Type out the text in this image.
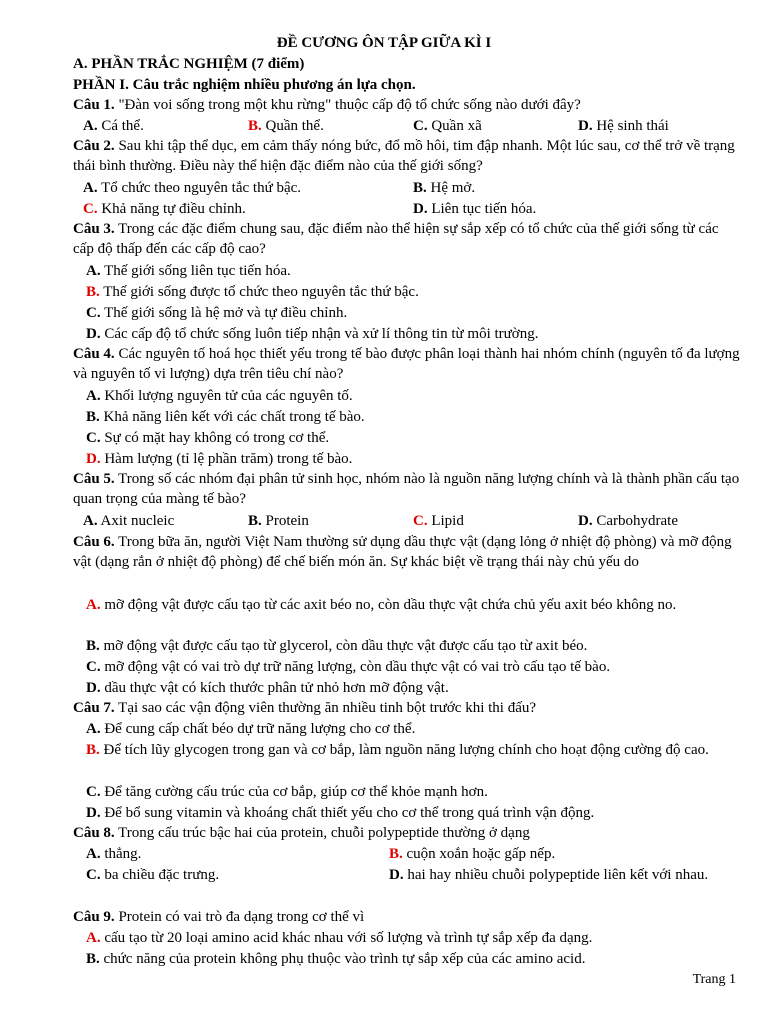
ĐỀ CƯƠNG ÔN TẬP GIỮA KÌ I
A. PHẦN TRẮC NGHIỆM (7 điểm)
PHẦN I. Câu trắc nghiệm nhiều phương án lựa chọn.
Câu 1. "Đàn voi sống trong một khu rừng" thuộc cấp độ tổ chức sống nào dưới đây?
A. Cá thể.	B. Quần thể.	C. Quần xã	D. Hệ sinh thái
Câu 2. Sau khi tập thể dục, em cảm thấy nóng bức, đổ mồ hôi, tim đập nhanh. Một lúc sau, cơ thể trở về trạng thái bình thường. Điều này thể hiện đặc điểm nào của thế giới sống?
A. Tổ chức theo nguyên tắc thứ bậc.	B. Hệ mở.
C. Khả năng tự điều chỉnh.	D. Liên tục tiến hóa.
Câu 3. Trong các đặc điểm chung sau, đặc điểm nào thể hiện sự sắp xếp có tổ chức của thế giới sống từ các cấp độ thấp đến các cấp độ cao?
A. Thế giới sống liên tục tiến hóa.
B. Thế giới sống được tổ chức theo nguyên tắc thứ bậc.
C. Thế giới sống là hệ mở và tự điều chỉnh.
D. Các cấp độ tổ chức sống luôn tiếp nhận và xử lí thông tin từ môi trường.
Câu 4. Các nguyên tố hoá học thiết yếu trong tế bào được phân loại thành hai nhóm chính (nguyên tố đa lượng và nguyên tố vi lượng) dựa trên tiêu chí nào?
A. Khối lượng nguyên tử của các nguyên tố.
B. Khả năng liên kết với các chất trong tế bào.
C. Sự có mặt hay không có trong cơ thể.
D. Hàm lượng (tỉ lệ phần trăm) trong tế bào.
Câu 5. Trong số các nhóm đại phân tử sinh học, nhóm nào là nguồn năng lượng chính và là thành phần cấu tạo quan trọng của màng tế bào?
A. Axit nucleic	B. Protein	C. Lipid	D. Carbohydrate
Câu 6. Trong bữa ăn, người Việt Nam thường sử dụng dầu thực vật (dạng lỏng ở nhiệt độ phòng) và mỡ động vật (dạng rắn ở nhiệt độ phòng) để chế biến món ăn. Sự khác biệt về trạng thái này chủ yếu do
A. mỡ động vật được cấu tạo từ các axit béo no, còn dầu thực vật chứa chủ yếu axit béo không no.
B. mỡ động vật được cấu tạo từ glycerol, còn dầu thực vật được cấu tạo từ axit béo.
C. mỡ động vật có vai trò dự trữ năng lượng, còn dầu thực vật có vai trò cấu tạo tế bào.
D. dầu thực vật có kích thước phân tử nhỏ hơn mỡ động vật.
Câu 7. Tại sao các vận động viên thường ăn nhiều tinh bột trước khi thi đấu?
A. Để cung cấp chất béo dự trữ năng lượng cho cơ thể.
B. Để tích lũy glycogen trong gan và cơ bắp, làm nguồn năng lượng chính cho hoạt động cường độ cao.
C. Để tăng cường cấu trúc của cơ bắp, giúp cơ thể khỏe mạnh hơn.
D. Để bổ sung vitamin và khoáng chất thiết yếu cho cơ thể trong quá trình vận động.
Câu 8. Trong cấu trúc bậc hai của protein, chuỗi polypeptide thường ở dạng
A. thẳng.	B. cuộn xoắn hoặc gấp nếp.
C. ba chiều đặc trưng.	D. hai hay nhiều chuỗi polypeptide liên kết với nhau.
Câu 9. Protein có vai trò đa dạng trong cơ thể vì
A. cấu tạo từ 20 loại amino acid khác nhau với số lượng và trình tự sắp xếp đa dạng.
B. chức năng của protein không phụ thuộc vào trình tự sắp xếp của các amino acid.
Trang 1
